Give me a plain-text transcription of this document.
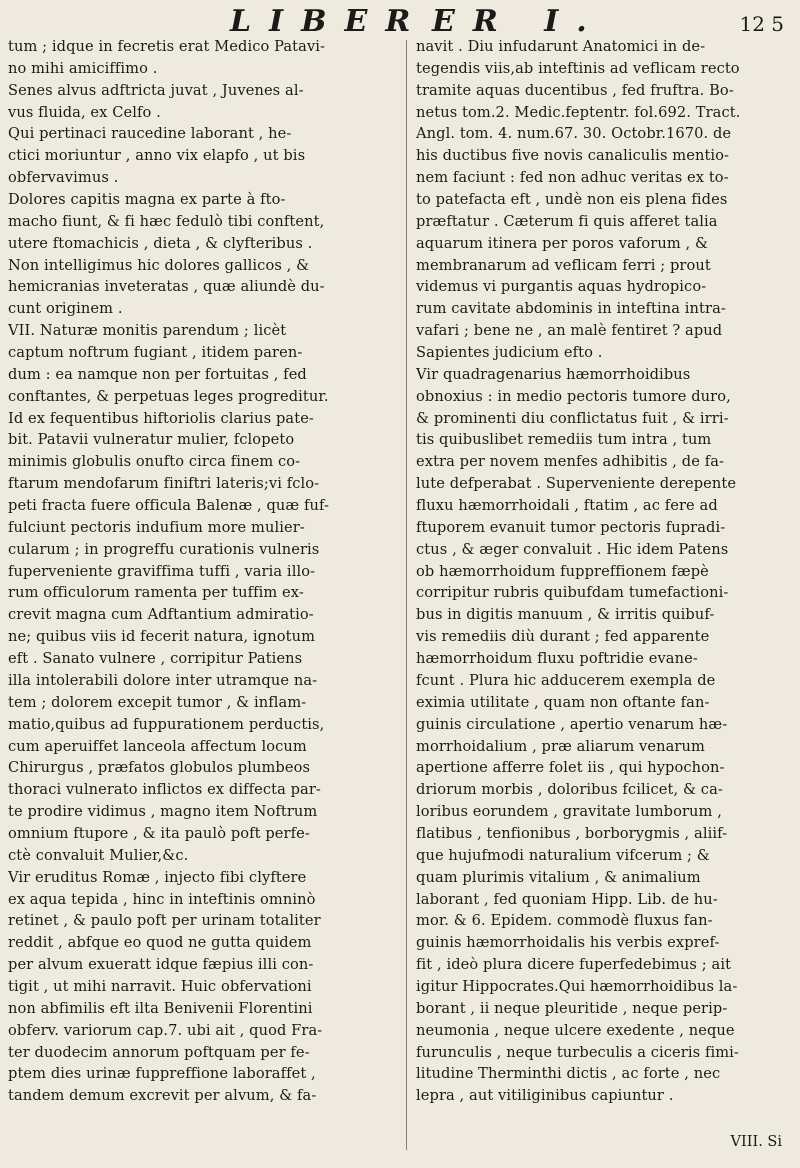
LIBER ER I.	12 5
tum ; idque in fecretis erat Medico Patavi-
no mihi amiciffimo .
Senes alvus adftricta juvat , Juvenes al-
vus fluida, ex Celfo .
Qui pertinaci raucedine laborant , he-
ctici moriuntur , anno vix elapfo , ut bis
obfervavimus .
Dolores capitis magna ex parte à fto-
macho fiunt, & fi hæc fedulò tibi conftent,
utere ftomachicis , dieta , & clyfteribus .
Non intelligimus hic dolores gallicos , &
hemicranias inveteratas , quæ aliundè du-
cunt originem .
VII. Naturæ monitis parendum ; licèt
captum noftrum fugiant , itidem paren-
dum : ea namque non per fortuitas , fed
conftantes, & perpetuas leges progreditur.
Id ex fequentibus hiftoriolis clarius pate-
bit. Patavii vulneratur mulier, fclopeto
minimis globulis onufto circa finem co-
ftarum mendofarum finiftri lateris;vi fclo-
peti fracta fuere officula Balenæ , quæ fuf-
fulciunt pectoris indufium more mulier-
cularum ; in progreffu curationis vulneris
fuperveniente graviffima tuffi , varia illo-
rum officulorum ramenta per tuffim ex-
crevit magna cum Adftantium admiratio-
ne; quibus viis id fecerit natura, ignotum
eft . Sanato vulnere , corripitur Patiens
illa intolerabili dolore inter utramque na-
tem ; dolorem excepit tumor , & inflam-
matio,quibus ad fuppurationem perductis,
cum aperuiffet lanceola affectum locum
Chirurgus , præfatos globulos plumbeos
thoraci vulnerato inflictos ex diffecta par-
te prodire vidimus , magno item Noftrum
omnium ftupore , & ita paulò poft perfe-
ctè convaluit Mulier,&c.
Vir eruditus Romæ , injecto fibi clyftere
ex aqua tepida , hinc in inteftinis omninò
retinet , & paulo poft per urinam totaliter
reddit , abfque eo quod ne gutta quidem
per alvum exueratt idque fæpius illi con-
tigit , ut mihi narravit. Huic obfervationi
non abfimilis eft ilta Benivenii Florentini
obferv. variorum cap.7. ubi ait , quod Fra-
ter duodecim annorum poftquam per fe-
ptem dies urinæ fuppreffione laboraffet ,
tandem demum excrevit per alvum, & fa-
navit . Diu infudarunt Anatomici in de-
tegendis viis,ab inteftinis ad veflicam recto
tramite aquas ducentibus , fed fruftra. Bo-
netus tom.2. Medic.feptentr. fol.692. Tract.
Angl. tom. 4. num.67. 30. Octobr.1670. de
his ductibus five novis canaliculis mentio-
nem faciunt : fed non adhuc veritas ex to-
to patefacta eft , undè non eis plena fides
præftatur . Cæterum fi quis afferet talia
aquarum itinera per poros vaforum , &
membranarum ad veflicam ferri ; prout
videmus vi purgantis aquas hydropico-
rum cavitate abdominis in inteftina intra-
vafari ; bene ne , an malè fentiret ? apud
Sapientes judicium efto .
Vir quadragenarius hæmorrhoidibus
obnoxius : in medio pectoris tumore duro,
& prominenti diu conflictatus fuit , & irri-
tis quibuslibet remediis tum intra , tum
extra per novem menfes adhibitis , de fa-
lute defperabat . Superveniente derepente
fluxu hæmorrhoidali , ftatim , ac fere ad
ftuporem evanuit tumor pectoris fupradi-
ctus , & æger convaluit . Hic idem Patens
ob hæmorrhoidum fuppreffionem fæpè
corripitur rubris quibufdam tumefactioni-
bus in digitis manuum , & irritis quibuf-
vis remediis diù durant ; fed apparente
hæmorrhoidum fluxu poftridie evane-
fcunt . Plura hic adducerem exempla de
eximia utilitate , quam non oftante fan-
guinis circulatione , apertio venarum hæ-
morrhoidalium , præ aliarum venarum
apertione afferre folet iis , qui hypochon-
driorum morbis , doloribus fcilicet, & ca-
loribus eorundem , gravitate lumborum ,
flatibus , tenfionibus , borborygmis , aliif-
que hujufmodi naturalium vifcerum ; &
quam plurimis vitalium , & animalium
laborant , fed quoniam Hipp. Lib. de hu-
mor. & 6. Epidem. commodè fluxus fan-
guinis hæmorrhoidalis his verbis expref-
fit , ideò plura dicere fuperfedebimus ; ait
igitur Hippocrates.Qui hæmorrhoidibus la-
borant , ii neque pleuritide , neque perip-
neumonia , neque ulcere exedente , neque
furunculis , neque turbeculis a ciceris fimi-
litudine Therminthi dictis , ac forte , nec
lepra , aut vitiliginibus capiuntur .
VIII. Si
